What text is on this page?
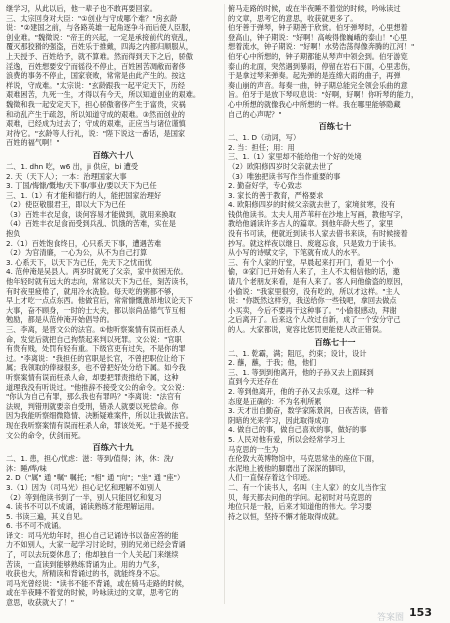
继学习，从此以后，他一辈子也不敢再要回家。

三、太宗回身对大臣："①创业与守成哪个难？"房玄龄

说："②建国之前，与各路英雄一起角逐争斗而后使人臣服，

创业难。"魏徵说："帝王的兴起，一定是承接前代的衰乱，

覆灭那狡猾的强盗，百姓乐于推戴，四海之内都归顺服从，

上天授予、百姓给予，就不算难。然而得到天下之后，骄傲

淫逸，百姓想要安宁而徭役不停止，百姓困苦凋敝而奢侈

浪费的事务不停止，国家衰败，常常是由此产生的。按这

样说，守成难。"太宗说："玄龄跟我一起平定天下，历经

艰难困苦，九死一生，才得以有今天，所以知道创业的艰难。

魏徵和我一起安定天下，担心骄傲奢侈产生于富贵，灾祸

和动乱产生于疏忽，所以知道守成的艰难。③然而创业的

艰难，已经成为过去了；守成的艰难，正应当与诸位谨慎

对待它。"玄龄等人行礼，说："陛下说这一番话，是国家

百姓的福气啊！"

百练六十八

二、1. dhn 吃，w6 出，ji 供应，bi 遭受

2. 天（天下人）；一本：治理国家大事

3. 丁国/悔慷/慨地/天下事/事业/要以天下为已任

三、1.（1）有才能和德行的人，能把国家治理好

（2）使臣敬服君王，即以大下为已任

（3）百姓丰衣足食，谈何容易才能做到，就用来换取

（4）百姓丰衣足食而受到兵乱、饥饿的苦难，实在是

抱负

2.（1）百姓饱食终日，心只系天下事，遭遇苦难

（2）为官清廉，一心为公，从不为自己打算

3. 心系天下，以天下为己任，先天下之忧而忧

4. 范仲淹是吴县人。两岁时就死了父亲，家中贫困无依。

他年轻时就有远大的志向，常常以天下为己任，刻苦读书，

有时夜里疲倦了，就用冷水洗脸。每天吃的粥都不够，

早上才吃一点点东西。他做官后，常常慷慨激昂地议论天下

大事，奋不顾身，一时的士大夫，都以崇尚品德气节互相

勉励，都是从范仲淹开始倡导的。

三、李离，是晋文公的法官。①他听察案情有误而枉杀人

命，发觉后就把自己拘禁起来判以死罪。文公说："官职

有贵有贱，处罚有轻有重。下级官吏有过失，不是你的罪

过。"李离说："我担任的官职是长官，不曾把职位让给下

属；我领取的俸禄很多，也不曾把好处分给下属。如今我

听察案情有误而枉杀人命，却要把罪责推给下属，这种

道理我没有听说过。"他推辞不接受文公的命令。文公说：

"你认为自己有罪，那么我也有罪吗？"李离说："法官有

法规，判错刑就要亲自受刑，错杀人就要以死偿命。你

因为我能听察细微隐情、决断疑难案件，所以让我做法官。

现在我听察案情有误而枉杀人命，罪该处死。"于是不接受

文公的命令，伏剑而死。

百练六十九

二、1. 患，担心/忧虑：滋：等到/值得；沐，休：洗/

沐：睡/哗/味

2. D（"属" 通 "嘱" 嘱托；"相" 通 "向"；"坐" 通 "座"）

3.（1）因为（司马光）担心记忆和理解不如别人

（2）等到他读书到了一半，别人只能回忆和复习

4. 读书不可以不成诵，诵读熟练才能理解运用。

5. 书读三遍，其义自见。

6. 书不可不成诵。

译文：司马光幼年时，担心自己记诵诗书以备应答的能

力不如别人，大家一起学习讨论时，别的兄弟已经会背诵

了，可以去玩耍休息了；他却独自一个人关起门来继续

苦读，一直读到能够熟练背诵为止。用的力气多，

收获也大，所精读和背诵过的书，就能终身不忘。

司马光曾经说："读书不能不背诵，或在骑马走路的时候，

或在半夜睡不着觉的时候，吟咏读过的文章，思考它的

意思，收获就大了！"

俯马走路的时候，或在半夜睡不着觉的时候，吟咏读过

的文章，思考它的意思，收获就更多了。

伯牙善于弹琴，钟子期善于欣赏。伯牙弹琴时，心里想着

登高山，钟子期说："好啊！高峻得像巍峨的泰山！"心里

想着流水，钟子期说："好啊！水势浩荡得像奔腾的江河！"

伯牙心中所想的，钟子期都能从琴声中领会到。伯牙游览

泰山的北面，突然遇到暴雨，停留在岩石下面，心里悲伤，

于是拿过琴来弹奏。起先弹的是连绵大雨的曲子，再弹

奏山崩的声音。每奏一曲，钟子期总能完全领会乐曲的意

旨。伯牙于是放下琴叹息说："好啊，好啊！你听琴的能力，

心中所想的就像我心中所想的一样。我在哪里能够隐藏

自己的心声呢？"

百练七十

二、1. D（动词，写）

2. 当：担任；用：用

三、1.（1）家里却不能给他一个好的处境

（2）欧阳修四岁时父亲就去世了

（3）唯独把读书写作当作重要的事

2. 勤奋好学，专心致志

3. 家长的善于教育，严格要求

4. 欧阳修四岁的时候父亲就去世了，家境贫寒，没有

钱供他读书。太夫人用芦苇秆在沙地上写画，教他写字，

教给他诵读许多古人的篇章。到他年龄大些了，家里

没有书可读，便就近到读书人家去借书来读，有时候接着

抄写。就这样夜以继日、废寝忘食，只是致力于读书。

从小写的诗赋文字，下笔就有成人的水平。

三、有个人家的厅堂，早晨起来打开门，看见一个小

偷，③家门已开始有人来了，主人不太相信他的话，邀

请几个老朋友来看，是有人来了。客人问他偷盗的原因，

小偷说："我家里很穷，没有吃的，所以才这样。"主人

说："你既然这样穷，我送给你一些钱吧，拿回去做点

小买卖，今后不要再干这种事了。"小偷很感动，拜谢

之后离开了。后来这个人改过自新，成了一个安分守己

的人。大家都说，宽容比惩罚更能使人改正错误。

百练七十一

二、1. 乾霸，满；阻厄，约束；设计，设计

2. 蘸，蘸，于我；他，他们

三、1. 等到到他离开，他的子孙又去上面踩到

直到今天还存在

2. 等到他离开，他的子孙又去乐观，这样一种

态度是正确的：不为名利所累

3. 天才出自勤奋，数学家陈景润，日夜苦读，借着

阴暗的光来学习，因此取得成功

4. 做自己的事，做自己喜欢的事，做好的事

5. 人民对他有爱，所以会经常学习上

马克思的一生为

在伦敦大英博物馆中，马克思常坐的座位下面，

水泥地上被他的脚磨出了深深的脚印，

人们一直保存着这个印迹。

二、有一个读书人，名叫（主人家）的女儿当作宝

贝，每天都去问他的学问。起初时对马克思的

地位只是一般，后来才知道他的伟大。学习要

持之以恒，坚持不懈才能取得成就。

153
答案圈
